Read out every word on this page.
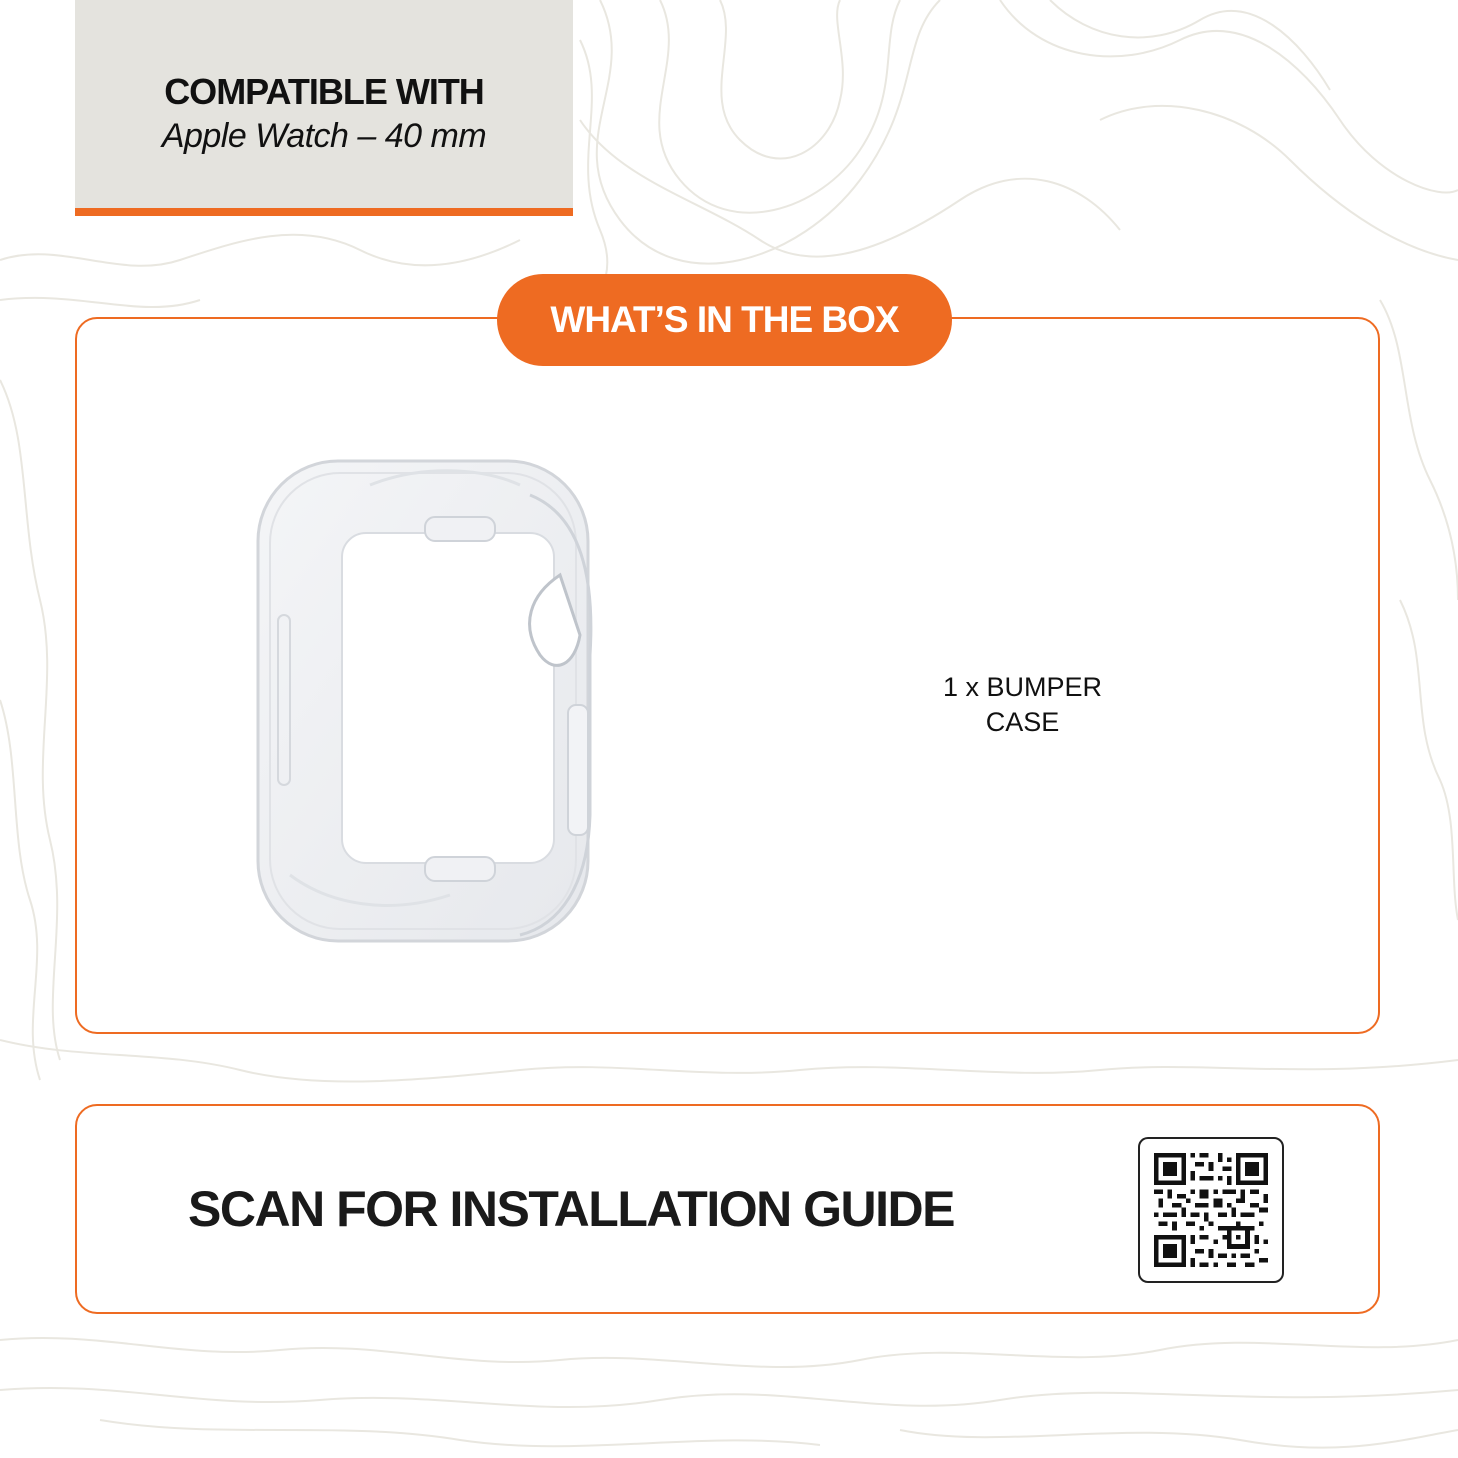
COMPATIBLE WITH
Apple Watch – 40 mm
WHAT’S IN THE BOX
1 x BUMPER
CASE
SCAN FOR INSTALLATION GUIDE
